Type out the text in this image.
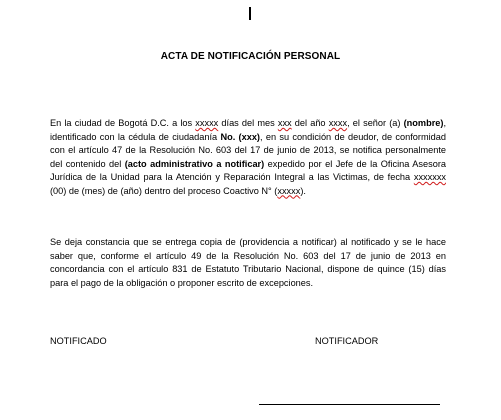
ACTA DE NOTIFICACIÓN PERSONAL
En la ciudad de Bogotá D.C. a los xxxxx días del mes xxx del año xxxx, el señor (a) (nombre), identificado con la cédula de ciudadanía No. (xxx), en su condición de deudor, de conformidad con el artículo 47 de la Resolución No. 603 del 17 de junio de 2013, se notifica personalmente del contenido del (acto administrativo a notificar) expedido por el Jefe de la Oficina Asesora Jurídica de la Unidad para la Atención y Reparación Integral a las Victimas, de fecha xxxxxxx (00) de (mes) de (año) dentro del proceso Coactivo N° (xxxxx).
Se deja constancia que se entrega copia de (providencia a notificar) al notificado y se le hace saber que, conforme el artículo 49 de la Resolución No. 603 del 17 de junio de 2013 en concordancia con el artículo 831 de Estatuto Tributario Nacional, dispone de quince (15) días para el pago de la obligación o proponer escrito de excepciones.
NOTIFICADO	NOTIFICADOR
